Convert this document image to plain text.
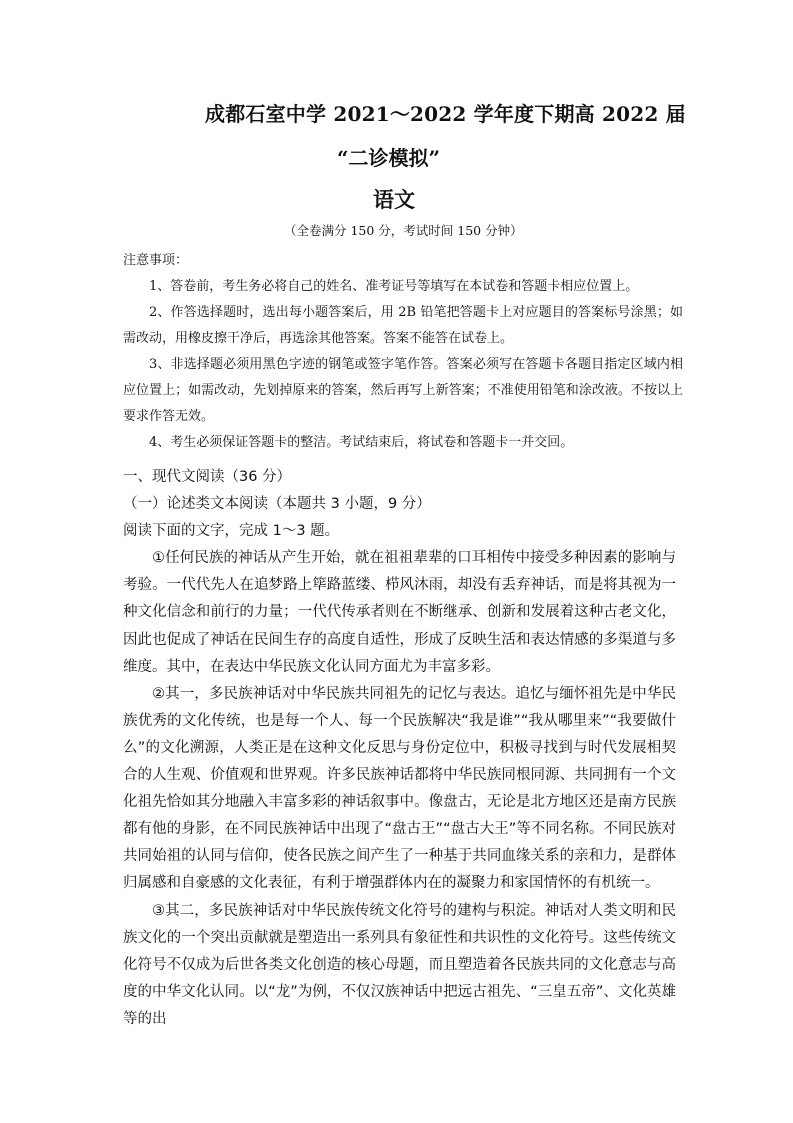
成都石室中学 2021～2022 学年度下期高 2022 届
“二诊模拟”
语文
（全卷满分 150 分，考试时间 150 分钟）

注意事项：

1、答卷前，考生务必将自己的姓名、准考证号等填写在本试卷和答题卡相应位置上。

2、作答选择题时，选出每小题答案后，用 2B 铅笔把答题卡上对应题目的答案标号涂黑；如需改动，用橡皮擦干净后，再选涂其他答案。答案不能答在试卷上。

3、非选择题必须用黑色字迹的钢笔或签字笔作答。答案必须写在答题卡各题目指定区域内相应位置上；如需改动，先划掉原来的答案，然后再写上新答案；不准使用铅笔和涂改液。不按以上要求作答无效。

4、考生必须保证答题卡的整洁。考试结束后，将试卷和答题卡一并交回。

一、现代文阅读（36 分）

（一）论述类文本阅读（本题共 3 小题，9 分）

阅读下面的文字，完成 1～3 题。

①任何民族的神话从产生开始，就在祖祖辈辈的口耳相传中接受多种因素的影响与考验。一代代先人在追梦路上筚路蓝缕、栉风沐雨，却没有丢弃神话，而是将其视为一种文化信念和前行的力量；一代代传承者则在不断继承、创新和发展着这种古老文化，因此也促成了神话在民间生存的高度自适性，形成了反映生活和表达情感的多渠道与多维度。其中，在表达中华民族文化认同方面尤为丰富多彩。

②其一，多民族神话对中华民族共同祖先的记忆与表达。追忆与缅怀祖先是中华民族优秀的文化传统，也是每一个人、每一个民族解决“我是谁”“我从哪里来”“我要做什么”的文化溯源，人类正是在这种文化反思与身份定位中，积极寻找到与时代发展相契合的人生观、价值观和世界观。许多民族神话都将中华民族同根同源、共同拥有一个文化祖先恰如其分地融入丰富多彩的神话叙事中。像盘古，无论是北方地区还是南方民族都有他的身影，在不同民族神话中出现了“盘古王”“盘古大王”等不同名称。不同民族对共同始祖的认同与信仰，使各民族之间产生了一种基于共同血缘关系的亲和力，是群体归属感和自豪感的文化表征，有利于增强群体内在的凝聚力和家国情怀的有机统一。

③其二，多民族神话对中华民族传统文化符号的建构与积淀。神话对人类文明和民族文化的一个突出贡献就是塑造出一系列具有象征性和共识性的文化符号。这些传统文化符号不仅成为后世各类文化创造的核心母题，而且塑造着各民族共同的文化意志与高度的中华文化认同。以“龙”为例，不仅汉族神话中把远古祖先、“三皇五帝”、文化英雄等的出
